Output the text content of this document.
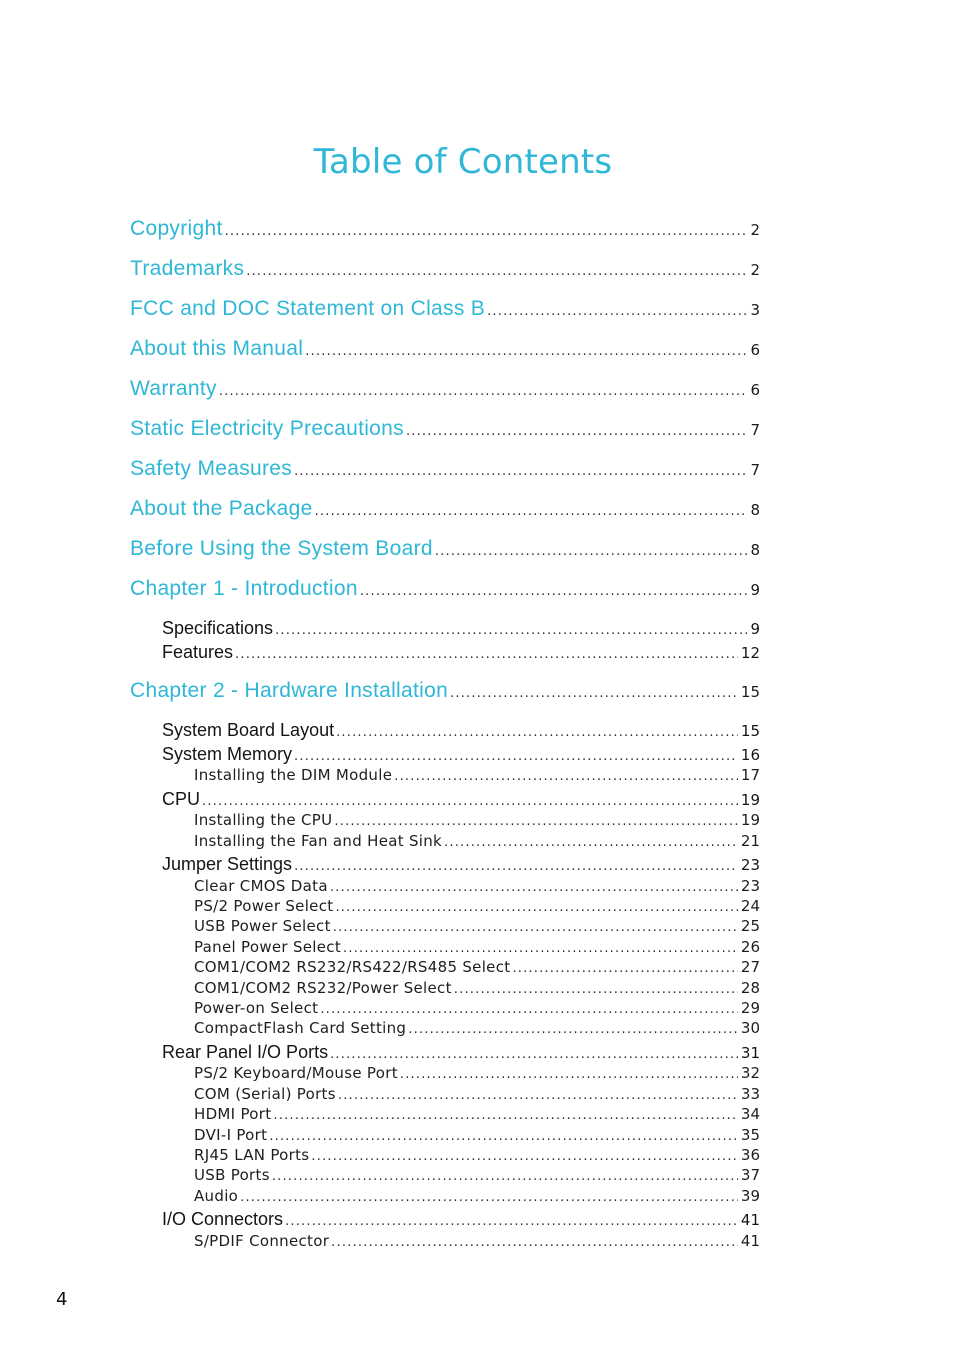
Table of Contents
Copyright .....	2
Trademarks .....	2
FCC and DOC Statement on Class B .....	3
About this Manual .....	6
Warranty .....	6
Static Electricity Precautions .....	7
Safety Measures .....	7
About the Package .....	8
Before Using the System Board .....	8
Chapter 1 - Introduction .....	9
Specifications .....	9
Features .....	12
Chapter 2 - Hardware Installation .....	15
System Board Layout .....	15
System Memory .....	16
Installing the DIM Module .....	17
CPU .....	19
Installing the CPU .....	19
Installing the Fan and Heat Sink .....	21
Jumper Settings .....	23
Clear CMOS Data .....	23
PS/2 Power Select .....	24
USB Power Select .....	25
Panel Power Select .....	26
COM1/COM2 RS232/RS422/RS485 Select .....	27
COM1/COM2 RS232/Power Select .....	28
Power-on Select .....	29
CompactFlash Card Setting .....	30
Rear Panel I/O Ports .....	31
PS/2 Keyboard/Mouse Port .....	32
COM (Serial) Ports .....	33
HDMI Port .....	34
DVI-I Port .....	35
RJ45 LAN Ports .....	36
USB Ports .....	37
Audio .....	39
I/O Connectors .....	41
S/PDIF Connector .....	41
4
